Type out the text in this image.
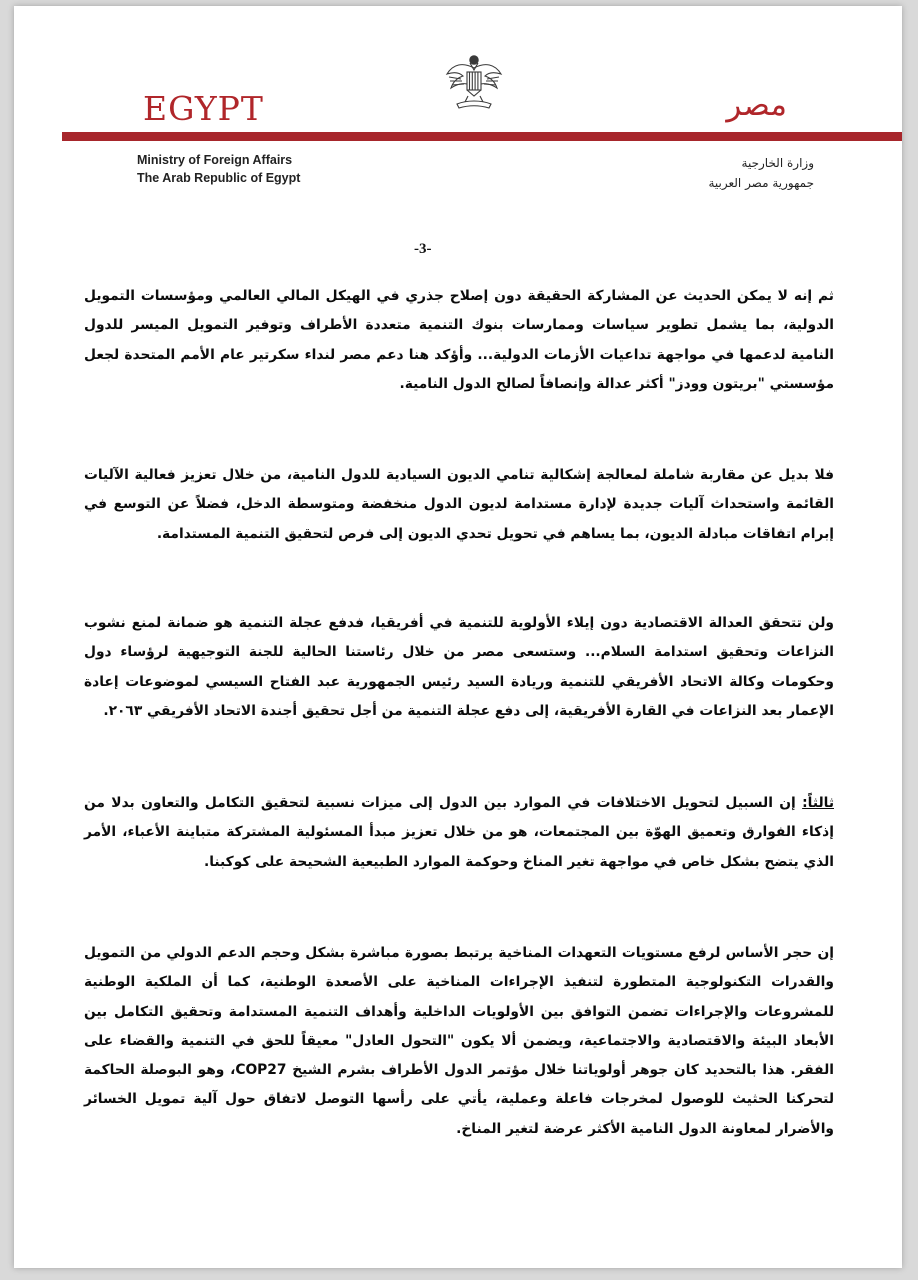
EGYPT	مصر
Ministry of Foreign Affairs
The Arab Republic of Egypt
وزارة الخارجية
جمهورية مصر العربية
-3-

ثم إنه لا يمكن الحديث عن المشاركة الحقيقة دون إصلاح جذري في الهيكل المالي العالمي ومؤسسات التمويل الدولية، بما يشمل تطوير سياسات وممارسات بنوك التنمية متعددة الأطراف وتوفير التمويل الميسر للدول النامية لدعمها في مواجهة تداعيات الأزمات الدولية... وأؤكد هنا دعم مصر لنداء سكرتير عام الأمم المتحدة لجعل مؤسستي "بريتون وودز" أكثر عدالة وإنصافاً لصالح الدول النامية.

فلا بديل عن مقاربة شاملة لمعالجة إشكالية تنامي الديون السيادية للدول النامية، من خلال تعزيز فعالية الآليات القائمة واستحداث آليات جديدة لإدارة مستدامة لديون الدول منخفضة ومتوسطة الدخل، فضلاً عن التوسع في إبرام اتفاقات مبادلة الديون، بما يساهم في تحويل تحدي الديون إلى فرص لتحقيق التنمية المستدامة.

ولن تتحقق العدالة الاقتصادية دون إيلاء الأولوية للتنمية في أفريقيا، فدفع عجلة التنمية هو ضمانة لمنع نشوب النزاعات وتحقيق استدامة السلام... وستسعى مصر من خلال رئاستنا الحالية للجنة التوجيهية لرؤساء دول وحكومات وكالة الاتحاد الأفريقي للتنمية وريادة السيد رئيس الجمهورية عبد الفتاح السيسي لموضوعات إعادة الإعمار بعد النزاعات في القارة الأفريقية، إلى دفع عجلة التنمية من أجل تحقيق أجندة الاتحاد الأفريقي ٢٠٦٣.

ثالثاً: إن السبيل لتحويل الاختلافات في الموارد بين الدول إلى ميزات نسبية لتحقيق التكامل والتعاون بدلا من إذكاء الفوارق وتعميق الهوّة بين المجتمعات، هو من خلال تعزيز مبدأ المسئولية المشتركة متباينة الأعباء، الأمر الذي يتضح بشكل خاص في مواجهة تغير المناخ وحوكمة الموارد الطبيعية الشحيحة على كوكبنا.

إن حجر الأساس لرفع مستويات التعهدات المناخية يرتبط بصورة مباشرة بشكل وحجم الدعم الدولي من التمويل والقدرات التكنولوجية المتطورة لتنفيذ الإجراءات المناخية على الأصعدة الوطنية، كما أن الملكية الوطنية للمشروعات والإجراءات تضمن التوافق بين الأولويات الداخلية وأهداف التنمية المستدامة وتحقيق التكامل بين الأبعاد البيئة والاقتصادية والاجتماعية، ويضمن ألا يكون "التحول العادل" معيقاً للحق في التنمية والقضاء على الفقر. هذا بالتحديد كان جوهر أولوياتنا خلال مؤتمر الدول الأطراف بشرم الشيخ COP27، وهو البوصلة الحاكمة لتحركنا الحثيث للوصول لمخرجات فاعلة وعملية، يأتي على رأسها التوصل لاتفاق حول آلية تمويل الخسائر والأضرار لمعاونة الدول النامية الأكثر عرضة لتغير المناخ.
